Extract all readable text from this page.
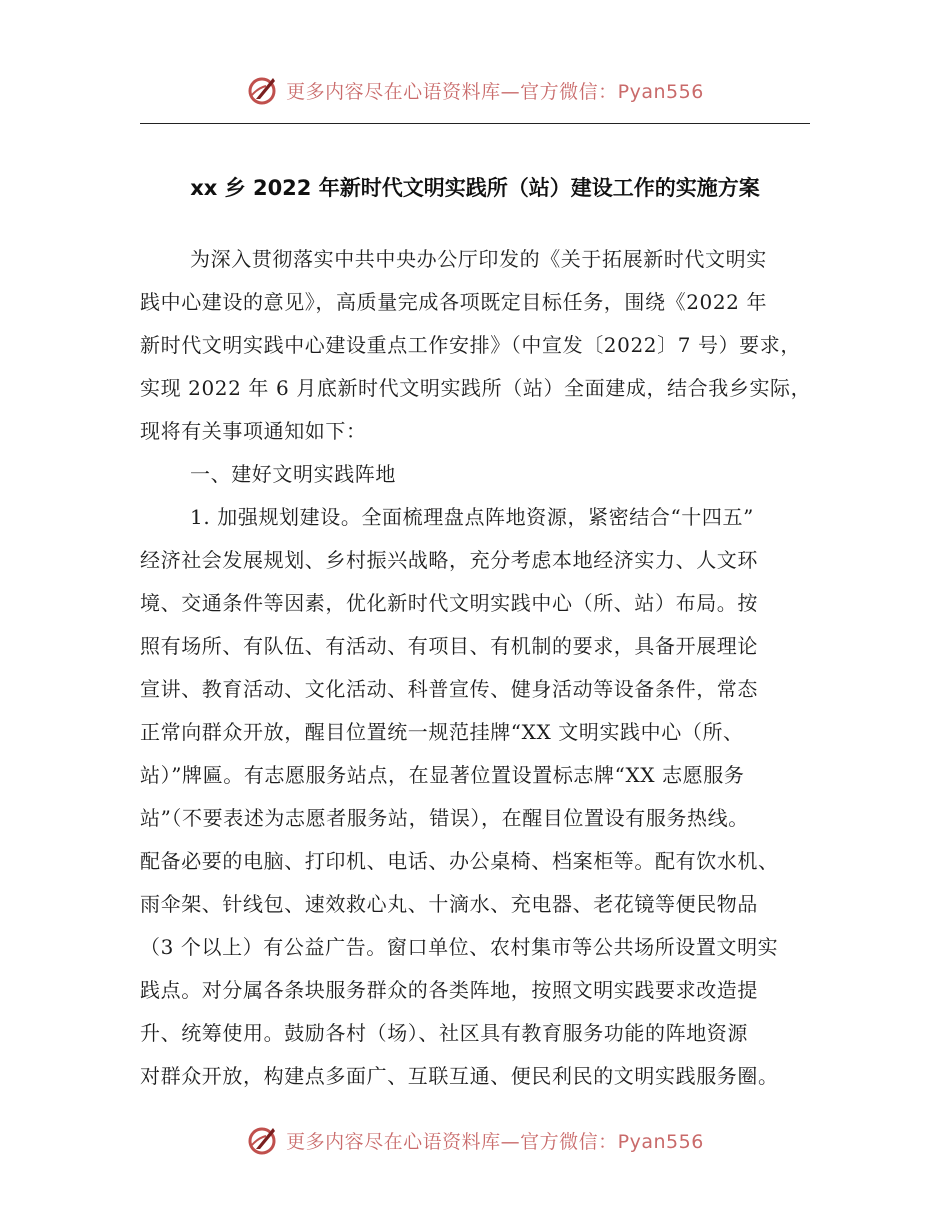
更多内容尽在心语资料库—官方微信：Pyan556
xx 乡 2022 年新时代文明实践所（站）建设工作的实施方案
为深入贯彻落实中共中央办公厅印发的《关于拓展新时代文明实
践中心建设的意见》，高质量完成各项既定目标任务，围绕《2022 年
新时代文明实践中心建设重点工作安排》（中宣发〔2022〕7 号）要求，
实现 2022 年 6 月底新时代文明实践所（站）全面建成，结合我乡实际，
现将有关事项通知如下：
一、建好文明实践阵地
1. 加强规划建设。全面梳理盘点阵地资源，紧密结合“十四五”
经济社会发展规划、乡村振兴战略，充分考虑本地经济实力、人文环
境、交通条件等因素，优化新时代文明实践中心（所、站）布局。按
照有场所、有队伍、有活动、有项目、有机制的要求，具备开展理论
宣讲、教育活动、文化活动、科普宣传、健身活动等设备条件，常态
正常向群众开放，醒目位置统一规范挂牌“XX 文明实践中心（所、
站）”牌匾。有志愿服务站点，在显著位置设置标志牌“XX 志愿服务
站”（不要表述为志愿者服务站，错误），在醒目位置设有服务热线。
配备必要的电脑、打印机、电话、办公桌椅、档案柜等。配有饮水机、
雨伞架、针线包、速效救心丸、十滴水、充电器、老花镜等便民物品
（3 个以上）有公益广告。窗口单位、农村集市等公共场所设置文明实
践点。对分属各条块服务群众的各类阵地，按照文明实践要求改造提
升、统筹使用。鼓励各村（场）、社区具有教育服务功能的阵地资源
对群众开放，构建点多面广、互联互通、便民利民的文明实践服务圈。
更多内容尽在心语资料库—官方微信：Pyan556
